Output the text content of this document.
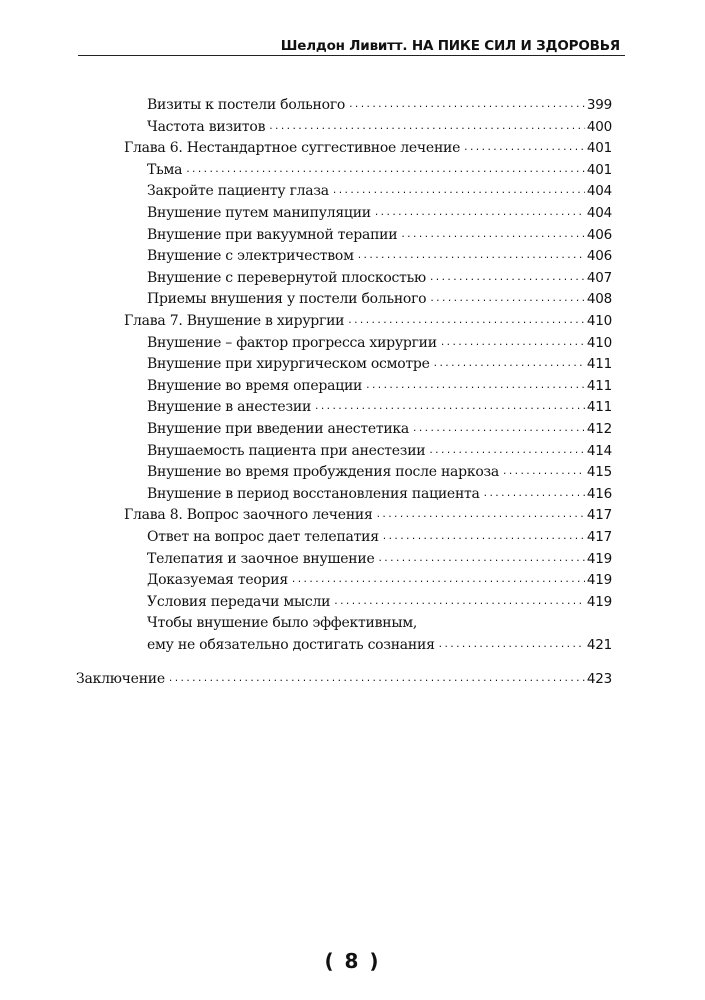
Шелдон Ливитт. НА ПИКЕ СИЛ И ЗДОРОВЬЯ
Визиты к постели больного .....	399
Частота визитов .....	400
Глава 6. Нестандартное суггестивное лечение .....	401
Тьма .....	401
Закройте пациенту глаза .....	404
Внушение путем манипуляции .....	404
Внушение при вакуумной терапии .....	406
Внушение с электричеством .....	406
Внушение с перевернутой плоскостью .....	407
Приемы внушения у постели больного .....	408
Глава 7. Внушение в хирургии .....	410
Внушение – фактор прогресса хирургии .....	410
Внушение при хирургическом осмотре .....	411
Внушение во время операции .....	411
Внушение в анестезии .....	411
Внушение при введении анестетика .....	412
Внушаемость пациента при анестезии .....	414
Внушение во время пробуждения после наркоза .....	415
Внушение в период восстановления пациента .....	416
Глава 8. Вопрос заочного лечения .....	417
Ответ на вопрос дает телепатия .....	417
Телепатия и заочное внушение .....	419
Доказуемая теория .....	419
Условия передачи мысли .....	419
Чтобы внушение было эффективным,
ему не обязательно достигать сознания .....	421
Заключение .....	423
( 8 )
